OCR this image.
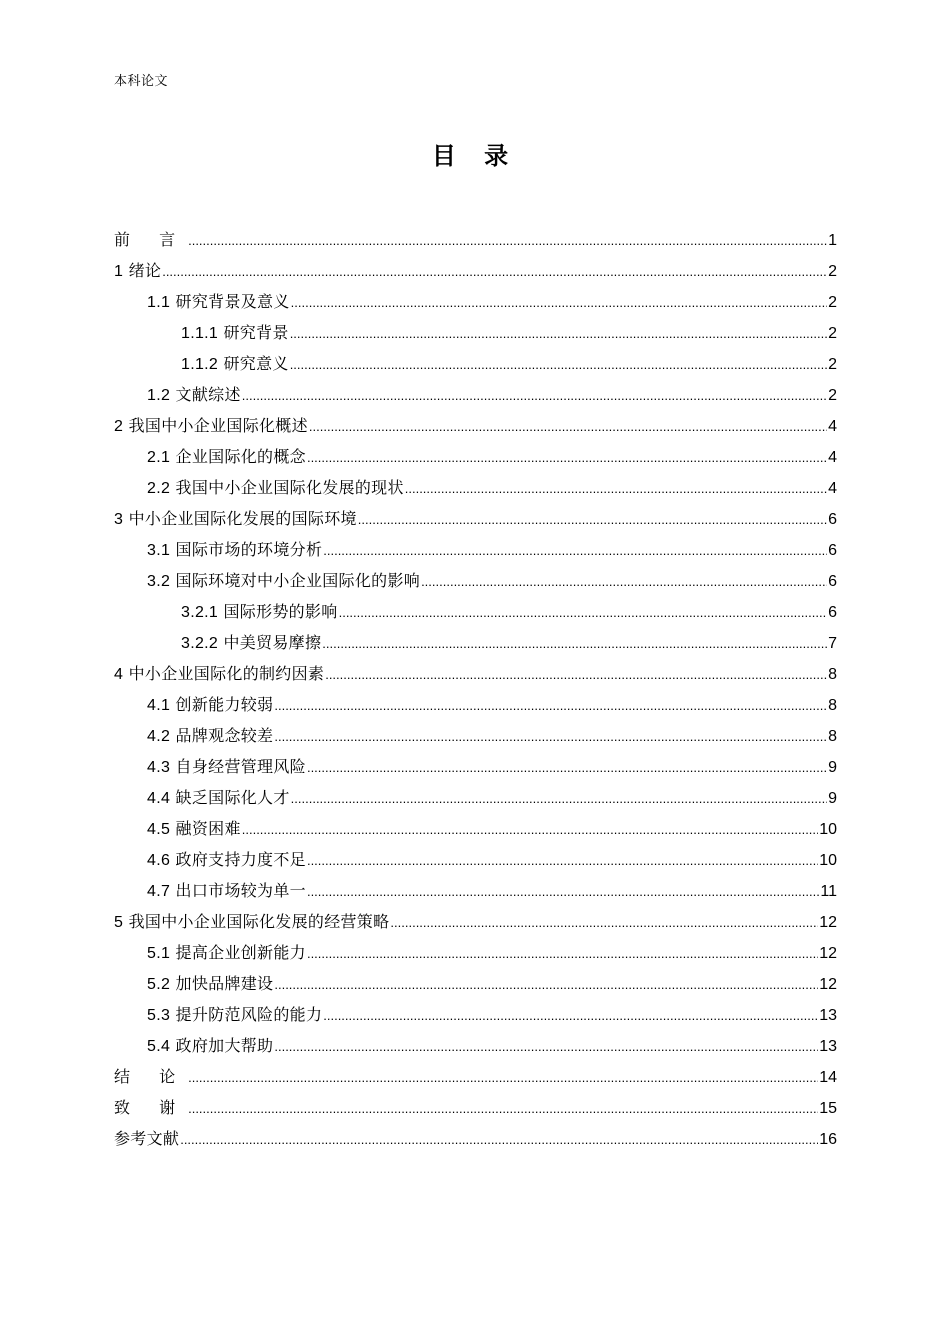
本科论文
目 录
前 言 .....	1
1 绪论 .....	2
1.1 研究背景及意义 .....	2
1.1.1 研究背景 .....	2
1.1.2 研究意义 .....	2
1.2 文献综述 .....	2
2 我国中小企业国际化概述 .....	4
2.1 企业国际化的概念 .....	4
2.2 我国中小企业国际化发展的现状 .....	4
3 中小企业国际化发展的国际环境 .....	6
3.1 国际市场的环境分析 .....	6
3.2 国际环境对中小企业国际化的影响 .....	6
3.2.1 国际形势的影响 .....	6
3.2.2 中美贸易摩擦 .....	7
4 中小企业国际化的制约因素 .....	8
4.1 创新能力较弱 .....	8
4.2 品牌观念较差 .....	8
4.3 自身经营管理风险 .....	9
4.4 缺乏国际化人才 .....	9
4.5 融资困难 .....	10
4.6 政府支持力度不足 .....	10
4.7 出口市场较为单一 .....	11
5 我国中小企业国际化发展的经营策略 .....	12
5.1 提高企业创新能力 .....	12
5.2 加快品牌建设 .....	12
5.3 提升防范风险的能力 .....	13
5.4 政府加大帮助 .....	13
结 论 .....	14
致 谢 .....	15
参考文献 .....	16
